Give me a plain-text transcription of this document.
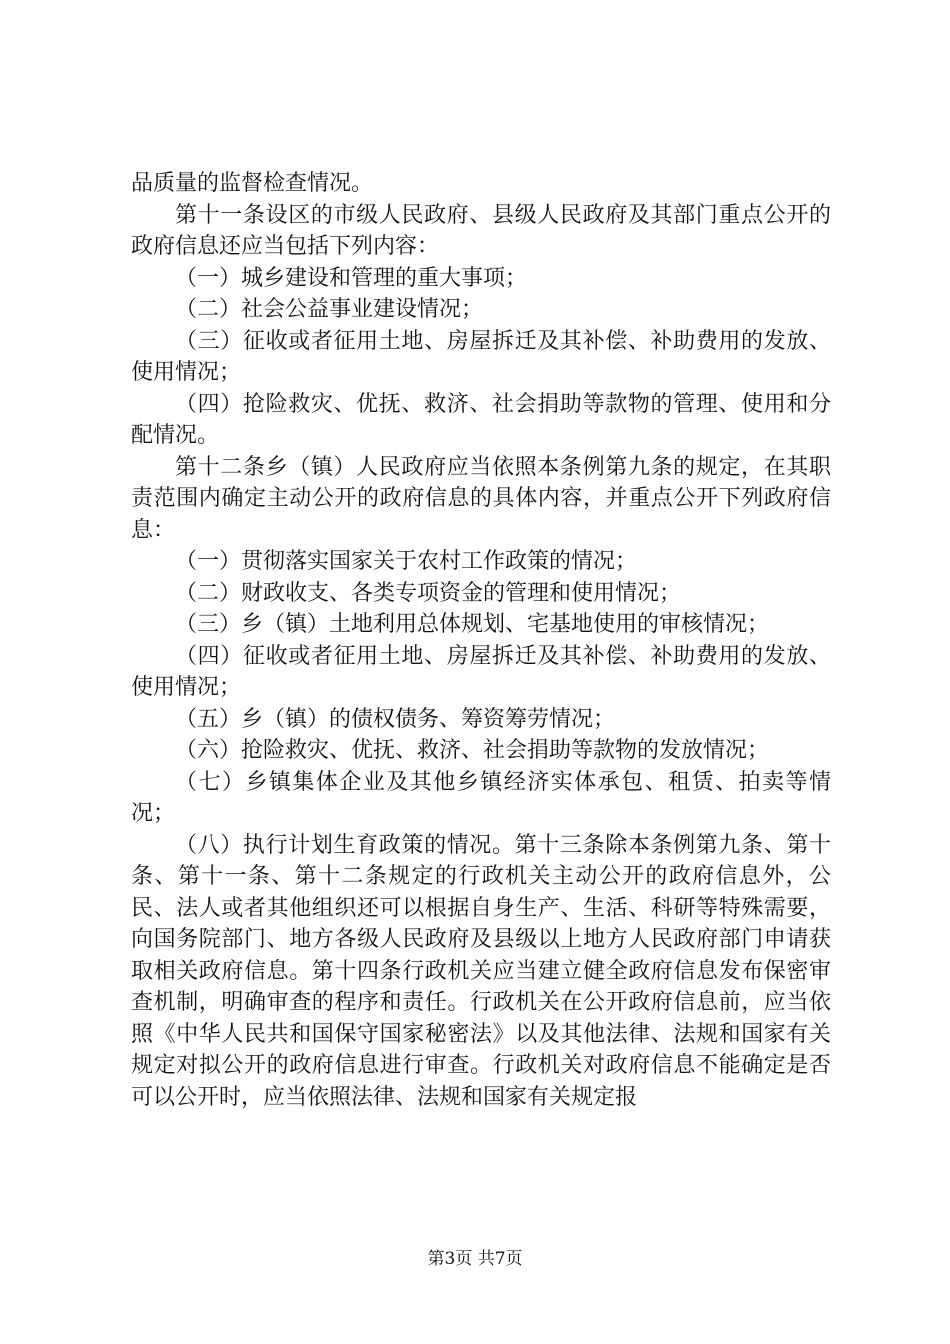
品质量的监督检查情况。

第十一条设区的市级人民政府、县级人民政府及其部门重点公开的政府信息还应当包括下列内容：

（一）城乡建设和管理的重大事项；

（二）社会公益事业建设情况；

（三）征收或者征用土地、房屋拆迁及其补偿、补助费用的发放、使用情况；

（四）抢险救灾、优抚、救济、社会捐助等款物的管理、使用和分配情况。

第十二条乡（镇）人民政府应当依照本条例第九条的规定，在其职责范围内确定主动公开的政府信息的具体内容，并重点公开下列政府信息：

（一）贯彻落实国家关于农村工作政策的情况；

（二）财政收支、各类专项资金的管理和使用情况；

（三）乡（镇）土地利用总体规划、宅基地使用的审核情况；

（四）征收或者征用土地、房屋拆迁及其补偿、补助费用的发放、使用情况；

（五）乡（镇）的债权债务、筹资筹劳情况；

（六）抢险救灾、优抚、救济、社会捐助等款物的发放情况；

（七）乡镇集体企业及其他乡镇经济实体承包、租赁、拍卖等情况；

（八）执行计划生育政策的情况。第十三条除本条例第九条、第十条、第十一条、第十二条规定的行政机关主动公开的政府信息外，公民、法人或者其他组织还可以根据自身生产、生活、科研等特殊需要，向国务院部门、地方各级人民政府及县级以上地方人民政府部门申请获取相关政府信息。第十四条行政机关应当建立健全政府信息发布保密审查机制，明确审查的程序和责任。行政机关在公开政府信息前，应当依照《中华人民共和国保守国家秘密法》以及其他法律、法规和国家有关规定对拟公开的政府信息进行审查。行政机关对政府信息不能确定是否可以公开时，应当依照法律、法规和国家有关规定报

第3页 共7页
